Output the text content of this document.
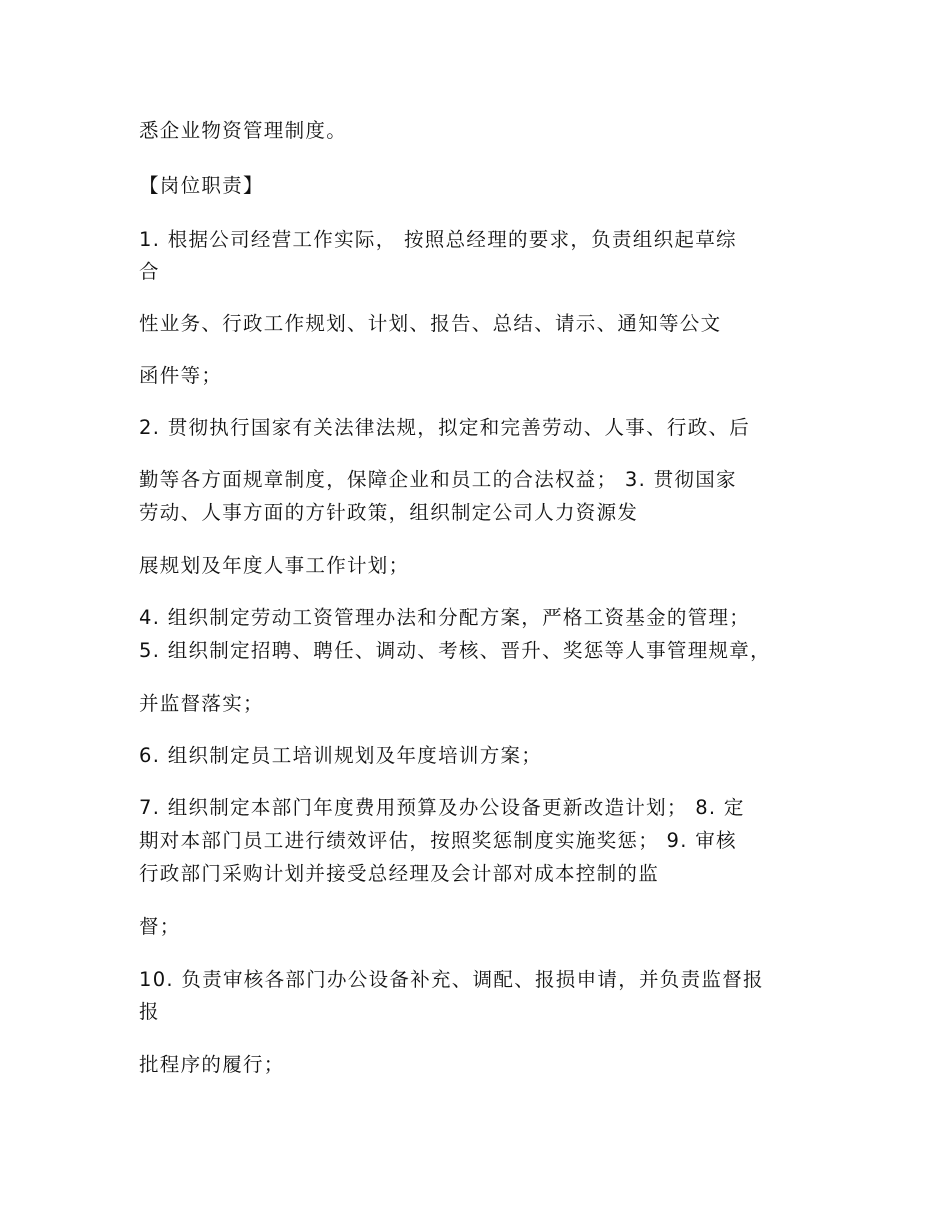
悉企业物资管理制度。
【岗位职责】
1. 根据公司经营工作实际， 按照总经理的要求，负责组织起草综
合
性业务、行政工作规划、计划、报告、总结、请示、通知等公文
函件等；
2. 贯彻执行国家有关法律法规，拟定和完善劳动、人事、行政、后
勤等各方面规章制度，保障企业和员工的合法权益； 3. 贯彻国家
劳动、人事方面的方针政策，组织制定公司人力资源发
展规划及年度人事工作计划；
4. 组织制定劳动工资管理办法和分配方案，严格工资基金的管理；
5. 组织制定招聘、聘任、调动、考核、晋升、奖惩等人事管理规章，
并监督落实；
6. 组织制定员工培训规划及年度培训方案；
7. 组织制定本部门年度费用预算及办公设备更新改造计划； 8. 定
期对本部门员工进行绩效评估，按照奖惩制度实施奖惩； 9. 审核
行政部门采购计划并接受总经理及会计部对成本控制的监
督；
10. 负责审核各部门办公设备补充、调配、报损申请，并负责监督报
报
批程序的履行；
